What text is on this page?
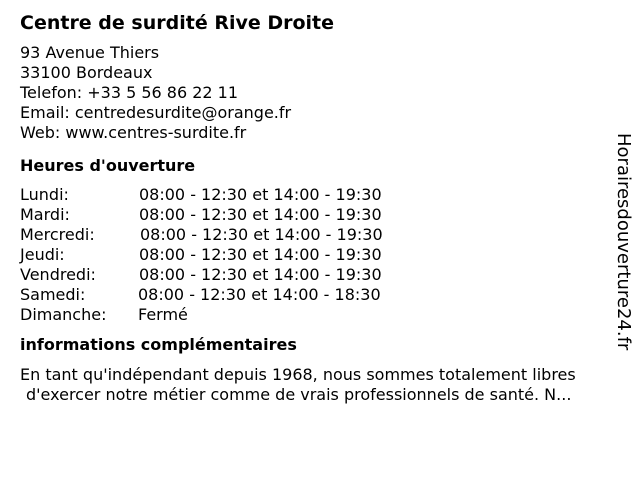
Centre de surdité Rive Droite
93 Avenue Thiers
33100 Bordeaux
Telefon: +33 5 56 86 22 11
Email: centredesurdite@orange.fr
Web: www.centres-surdite.fr
Heures d'ouverture
Lundi:	08:00 - 12:30 et 14:00 - 19:30
Mardi:	08:00 - 12:30 et 14:00 - 19:30
Mercredi:	08:00 - 12:30 et 14:00 - 19:30
Jeudi:	08:00 - 12:30 et 14:00 - 19:30
Vendredi:	08:00 - 12:30 et 14:00 - 19:30
Samedi:	08:00 - 12:30 et 14:00 - 18:30
Dimanche:	Fermé
informations complémentaires
En tant qu'indépendant depuis 1968, nous sommes totalement libres
d'exercer notre métier comme de vrais professionnels de santé. N...
Horairesdouverture24.fr
